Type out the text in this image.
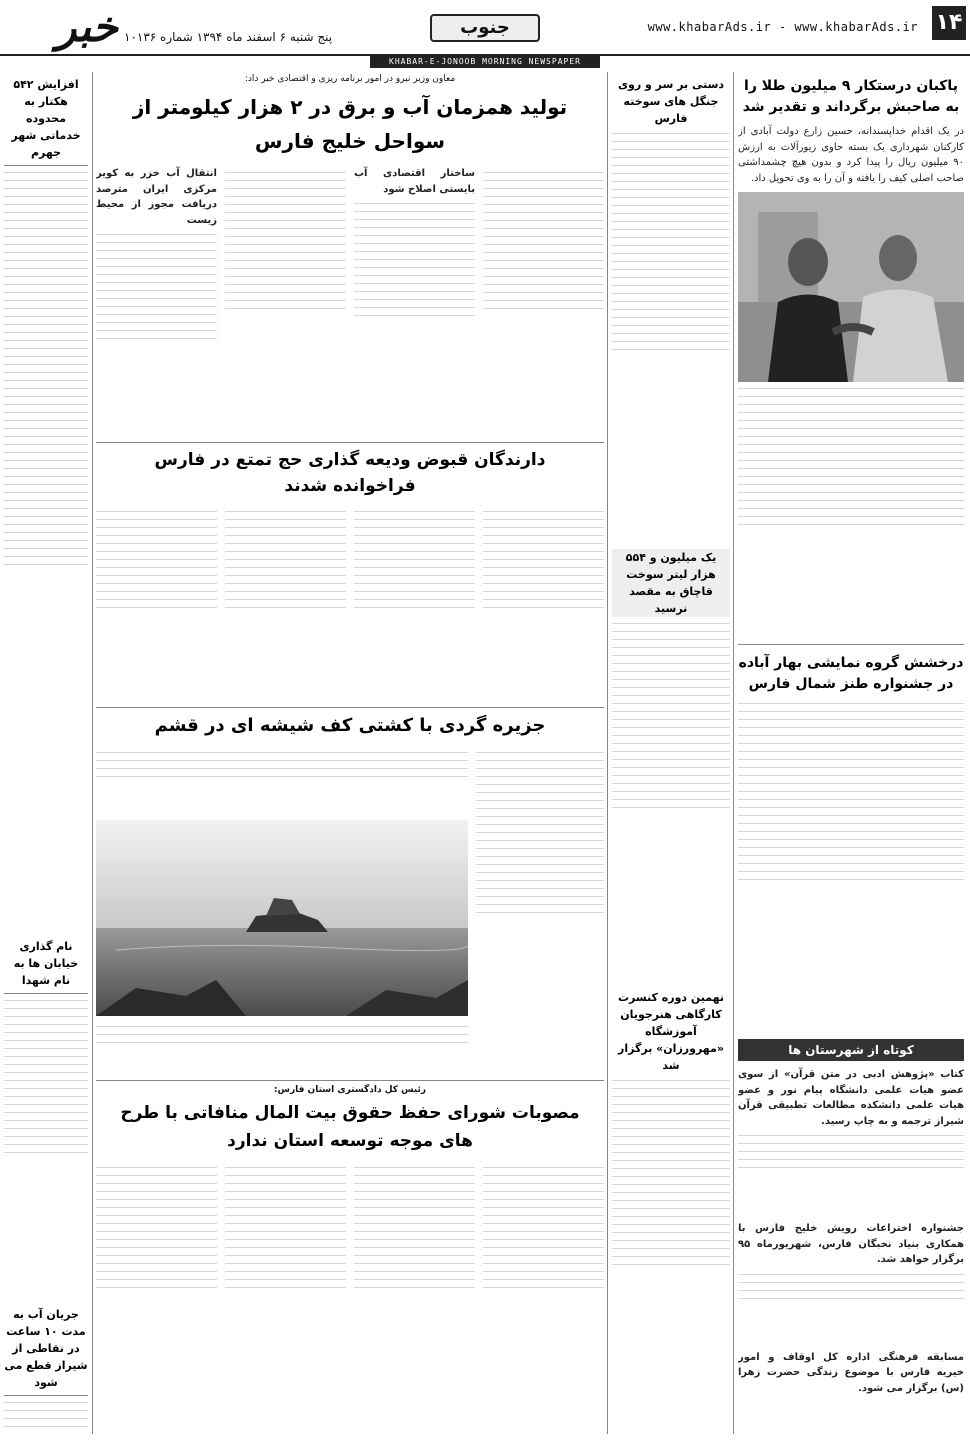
۱۴
www.khabarAds.ir - www.khabarAds.ir
جنوب
پنج شنبه ۶ اسفند ماه ۱۳۹۴ شماره ۱۰۱۳۶
خبر
KHABAR-E-JONOOB MORNING NEWSPAPER
پاکبان درستکار ۹ میلیون طلا را به صاحبش برگرداند و تقدیر شد

در یک اقدام خداپسندانه، حسین زارع دولت آبادی از کارکنان شهرداری یک بسته حاوی زیورآلات به ارزش ۹۰ میلیون ریال را پیدا کرد و بدون هیچ چشمداشتی صاحب اصلی کیف را یافته و آن را به وی تحویل داد.

درخشش گروه نمایشی بهار آباده در جشنواره طنز شمال فارس
کوتاه از شهرستان ها

کتاب «پژوهش ادبی در متن قرآن» از سوی عضو هیات علمی دانشگاه پیام نور و عضو هیات علمی دانشکده مطالعات تطبیقی قرآن شیراز ترجمه و به چاپ رسید.

جشنواره اختراعات رویش خلیج فارس با همکاری بنیاد نخبگان فارس، شهریورماه ۹۵ برگزار خواهد شد.

مسابقه فرهنگی اداره کل اوقاف و امور خیریه فارس با موضوع زندگی حضرت زهرا (س) برگزار می شود.

دستی بر سر و روی جنگل های سوخته فارس
یک میلیون و ۵۵۴ هزار لیتر سوخت قاچاق به مقصد نرسید
نهمین دوره کنسرت کارگاهی هنرجویان آموزشگاه «مهرورزان» برگزار شد
معاون وزیر نیرو در امور برنامه ریزی و اقتصادی خبر داد:
تولید همزمان آب و برق در ۲ هزار کیلومتر از سواحل خلیج فارس

ساختار اقتصادی آب بایستی اصلاح شود

انتقال آب خزر به کویر مرکزی ایران مترصد دریافت مجوز از محیط زیست

دارندگان قبوض ودیعه گذاری حج تمتع در فارس فراخوانده شدند
جزیره گردی با کشتی کف شیشه ای در قشم
رئیس کل دادگستری استان فارس:
مصوبات شورای حفظ حقوق بیت المال منافاتی با طرح های موجه توسعه استان ندارد
افزایش ۵۴۲ هکتار به محدوده خدماتی شهر جهرم
نام گذاری خیابان ها به نام شهدا
جریان آب به مدت ۱۰ ساعت در نقاطی از شیراز قطع می شود
